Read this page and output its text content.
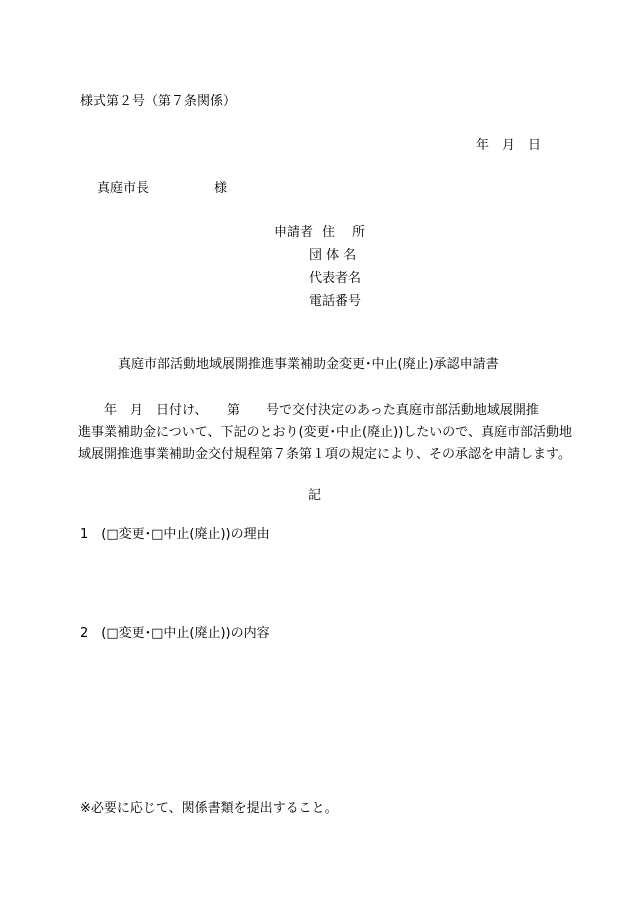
様式第２号（第７条関係）
年　月　日
真庭市長　　　　　様
申請者 住　 所
団 体 名
代表者名
電話番号
真庭市部活動地域展開推進事業補助金変更･中止(廃止)承認申請書
　　年　月　日付け、　　第　　号で交付決定のあった真庭市部活動地域展開推
進事業補助金について、下記のとおり(変更･中止(廃止))したいので、真庭市部活動地
域展開推進事業補助金交付規程第７条第１項の規定により、その承認を申請します。
記
1　(□変更･□中止(廃止))の理由
2　(□変更･□中止(廃止))の内容
※必要に応じて、関係書類を提出すること。
